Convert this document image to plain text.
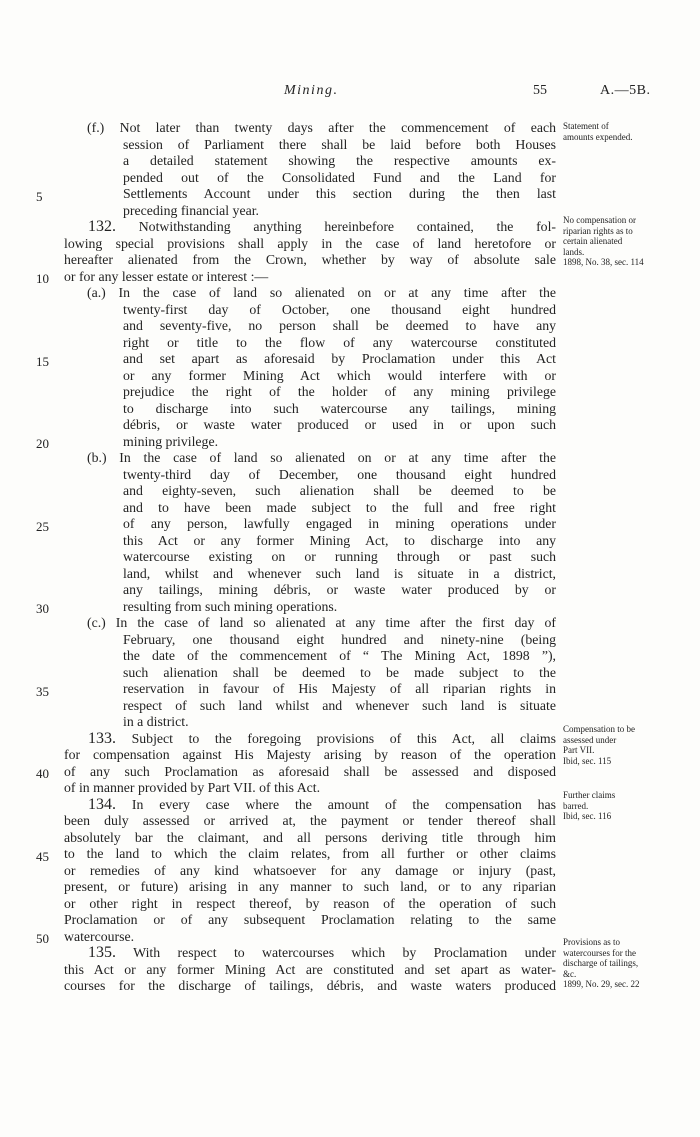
Mining.	55	A.—5B.
5
10
15
20
25
30
35
40
45
50
(f.) Not later than twenty days after the commencement of each
session of Parliament there shall be laid before both Houses
a detailed statement showing the respective amounts ex-
pended out of the Consolidated Fund and the Land for
Settlements Account under this section during the then last
preceding financial year.
132. Notwithstanding anything hereinbefore contained, the fol-
lowing special provisions shall apply in the case of land heretofore or
hereafter alienated from the Crown, whether by way of absolute sale
or for any lesser estate or interest :—
(a.) In the case of land so alienated on or at any time after the
twenty-first day of October, one thousand eight hundred
and seventy-five, no person shall be deemed to have any
right or title to the flow of any watercourse constituted
and set apart as aforesaid by Proclamation under this Act
or any former Mining Act which would interfere with or
prejudice the right of the holder of any mining privilege
to discharge into such watercourse any tailings, mining
débris, or waste water produced or used in or upon such
mining privilege.
(b.) In the case of land so alienated on or at any time after the
twenty-third day of December, one thousand eight hundred
and eighty-seven, such alienation shall be deemed to be
and to have been made subject to the full and free right
of any person, lawfully engaged in mining operations under
this Act or any former Mining Act, to discharge into any
watercourse existing on or running through or past such
land, whilst and whenever such land is situate in a district,
any tailings, mining débris, or waste water produced by or
resulting from such mining operations.
(c.) In the case of land so alienated at any time after the first day of
February, one thousand eight hundred and ninety-nine (being
the date of the commencement of “ The Mining Act, 1898 ”),
such alienation shall be deemed to be made subject to the
reservation in favour of His Majesty of all riparian rights in
respect of such land whilst and whenever such land is situate
in a district.
133. Subject to the foregoing provisions of this Act, all claims
for compensation against His Majesty arising by reason of the operation
of any such Proclamation as aforesaid shall be assessed and disposed
of in manner provided by Part VII. of this Act.
134. In every case where the amount of the compensation has
been duly assessed or arrived at, the payment or tender thereof shall
absolutely bar the claimant, and all persons deriving title through him
to the land to which the claim relates, from all further or other claims
or remedies of any kind whatsoever for any damage or injury (past,
present, or future) arising in any manner to such land, or to any riparian
or other right in respect thereof, by reason of the operation of such
Proclamation or of any subsequent Proclamation relating to the same
watercourse.
135. With respect to watercourses which by Proclamation under
this Act or any former Mining Act are constituted and set apart as water-
courses for the discharge of tailings, débris, and waste waters produced
Statement of
amounts expended.
No compensation or
riparian rights as to
certain alienated
lands.
1898, No. 38, sec. 114
Compensation to be
assessed under
Part VII.
Ibid, sec. 115
Further claims
barred.
Ibid, sec. 116
Provisions as to
watercourses for the
discharge of tailings,
&c.
1899, No. 29, sec. 22
